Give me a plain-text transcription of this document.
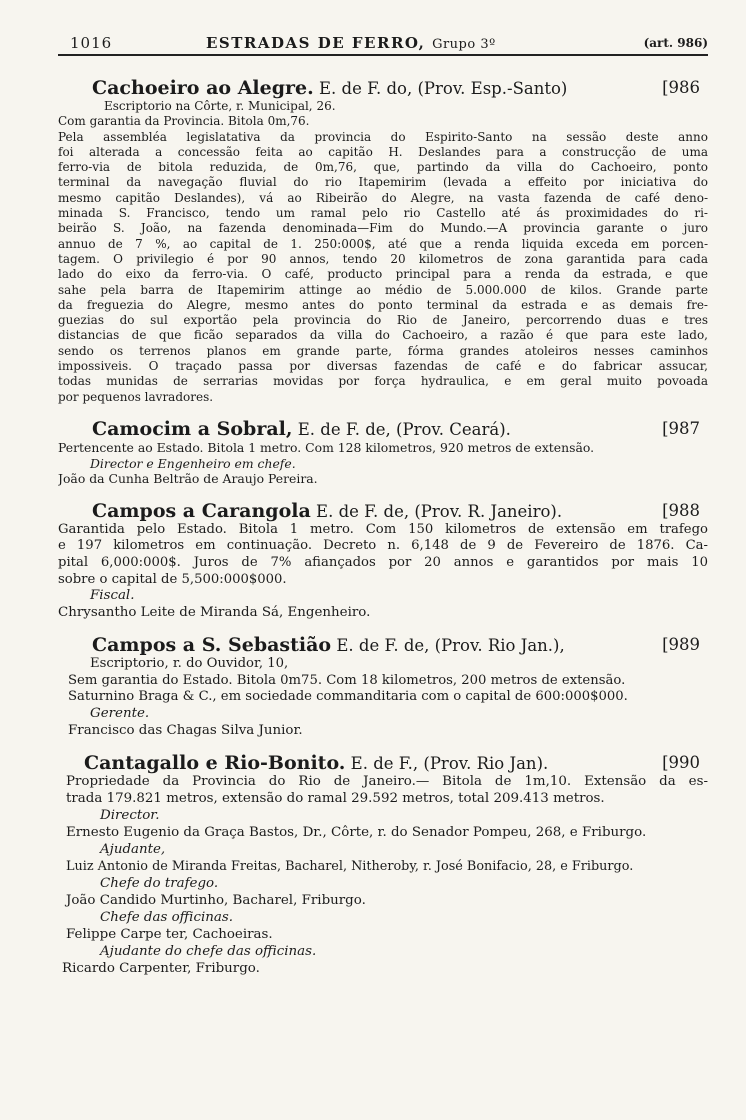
1016	ESTRADAS DE FERRO, Grupo 3º	(art. 986)
Cachoeiro ao Alegre. E. de F. do, (Prov. Esp.-Santo)	[986
Escriptorio na Côrte, r. Municipal, 26.
Com garantia da Provincia. Bitola 0m,76.
Pela assembléa legislatativa da provincia do Espirito-Santo na sessão deste anno
foi alterada a concessão feita ao capitão H. Deslandes para a construcção de uma
ferro-via de bitola reduzida, de 0m,76, que, partindo da villa do Cachoeiro, ponto
terminal da navegação fluvial do rio Itapemirim (levada a effeito por iniciativa do
mesmo capitão Deslandes), vá ao Ribeirão do Alegre, na vasta fazenda de café deno-
minada S. Francisco, tendo um ramal pelo rio Castello até ás proximidades do ri-
beirão S. João, na fazenda denominada—Fim do Mundo.—A provincia garante o juro
annuo de 7 %, ao capital de 1. 250:000$, até que a renda liquida exceda em porcen-
tagem. O privilegio é por 90 annos, tendo 20 kilometros de zona garantida para cada
lado do eixo da ferro-via. O café, producto principal para a renda da estrada, e que
sahe pela barra de Itapemirim attinge ao médio de 5.000.000 de kilos. Grande parte
da freguezia do Alegre, mesmo antes do ponto terminal da estrada e as demais fre-
guezias do sul exportão pela provincia do Rio de Janeiro, percorrendo duas e tres
distancias de que ficão separados da villa do Cachoeiro, a razão é que para este lado,
sendo os terrenos planos em grande parte, fórma grandes atoleiros nesses caminhos
impossiveis. O traçado passa por diversas fazendas de café e do fabricar assucar,
todas munidas de serrarias movidas por força hydraulica, e em geral muito povoada
por pequenos lavradores.
Camocim a Sobral, E. de F. de, (Prov. Ceará).	[987
Pertencente ao Estado. Bitola 1 metro. Com 128 kilometros, 920 metros de extensão.
Director e Engenheiro em chefe.
João da Cunha Beltrão de Araujo Pereira.
Campos a Carangola E. de F. de, (Prov. R. Janeiro).	[988
Garantida pelo Estado. Bitola 1 metro. Com 150 kilometros de extensão em trafego
e 197 kilometros em continuação. Decreto n. 6,148 de 9 de Fevereiro de 1876. Ca-
pital 6,000:000$. Juros de 7% afiançados por 20 annos e garantidos por mais 10
sobre o capital de 5,500:000$000.
Fiscal.
Chrysantho Leite de Miranda Sá, Engenheiro.
Campos a S. Sebastião E. de F. de, (Prov. Rio Jan.),	[989
Escriptorio, r. do Ouvidor, 10,
Sem garantia do Estado. Bitola 0m75. Com 18 kilometros, 200 metros de extensão.
Saturnino Braga & C., em sociedade commanditaria com o capital de 600:000$000.
Gerente.
Francisco das Chagas Silva Junior.
Cantagallo e Rio-Bonito. E. de F., (Prov. Rio Jan).	[990
Propriedade da Provincia do Rio de Janeiro.— Bitola de 1m,10. Extensão da es-
trada 179.821 metros, extensão do ramal 29.592 metros, total 209.413 metros.
Director.
Ernesto Eugenio da Graça Bastos, Dr., Côrte, r. do Senador Pompeu, 268, e Friburgo.
Ajudante,
Luiz Antonio de Miranda Freitas, Bacharel, Nitheroby, r. José Bonifacio, 28, e Friburgo.
Chefe do trafego.
João Candido Murtinho, Bacharel, Friburgo.
Chefe das officinas.
Felippe Carpe ter, Cachoeiras.
Ajudante do chefe das officinas.
Ricardo Carpenter, Friburgo.
